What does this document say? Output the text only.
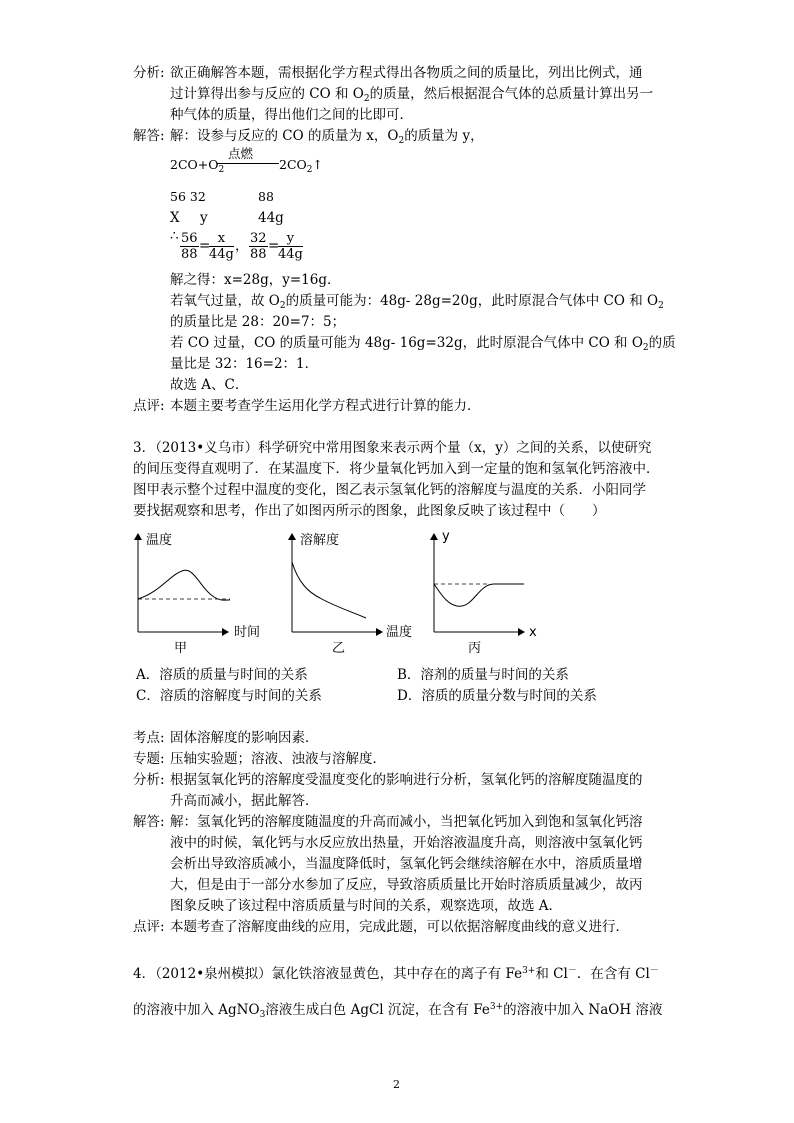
分析: 欲正确解答本题，需根据化学方程式得出各物质之间的质量比，列出比例式，通
过计算得出参与反应的 CO 和 $O_2$的质量，然后根据混合气体的总质量计算出另一
种气体的质量，得出他们之间的比即可．
解答: 解：设参与反应的 CO 的质量为 x，$O_2$的质量为 y，
点燃
$2CO+O_2$	$2CO_2↑$
56 32	88
X y	44g
∴ $\frac{56}{88}$ =
$\frac{x}{44g}$ ， $\frac{32}{88}$ =
$\frac{y}{44g}$
解之得：x=28g，y=16g．
若氧气过量，故 $O_2$的质量可能为：48g- 28g=20g，此时原混合气体中 CO 和 $O_2$
的质量比是 28：20=7：5；
若 CO 过量，CO 的质量可能为 48g- 16g=32g，此时原混合气体中 CO 和 $O_2$的质
量比是 32：16=2：1．
故选 A、C．
点评: 本题主要考查学生运用化学方程式进行计算的能力．
3．（2013•义乌市）科学研究中常用图象来表示两个量（x，y）之间的关系，以使研究
的间压变得直观明了．在某温度下．将少量氧化钙加入到一定量的饱和氢氧化钙溶液中．
图甲表示整个过程中温度的变化，图乙表示氢氧化钙的溶解度与温度的关系．小阳同学
要找据观察和思考，作出了如图丙所示的图象，此图象反映了该过程中（　　）
温度
时间
甲
溶解度
温度
乙
y
x
丙
A．溶质的质量与时间的关系	B．溶剂的质量与时间的关系
C．溶质的溶解度与时间的关系	D．溶质的质量分数与时间的关系
考点: 固体溶解度的影响因素．
专题: 压轴实验题；溶液、浊液与溶解度．
分析: 根据氢氧化钙的溶解度受温度变化的影响进行分析，氢氧化钙的溶解度随温度的
升高而减小，据此解答．
解答: 解：氢氧化钙的溶解度随温度的升高而减小，当把氧化钙加入到饱和氢氧化钙溶
液中的时候，氧化钙与水反应放出热量，开始溶液温度升高，则溶液中氢氧化钙
会析出导致溶质减小，当温度降低时，氢氧化钙会继续溶解在水中，溶质质量增
大，但是由于一部分水参加了反应，导致溶质质量比开始时溶质质量减少，故丙
图象反映了该过程中溶质质量与时间的关系，观察选项，故选 A．
点评: 本题考查了溶解度曲线的应用，完成此题，可以依据溶解度曲线的意义进行．
4．（2012•泉州模拟）氯化铁溶液显黄色，其中存在的离子有 $Fe^{3+}$和 Cl－．在含有 Cl－
的溶液中加入 AgNO$_3$溶液生成白色 AgCl 沉淀，在含有 $Fe^{3+}$的溶液中加入 NaOH 溶液
2
